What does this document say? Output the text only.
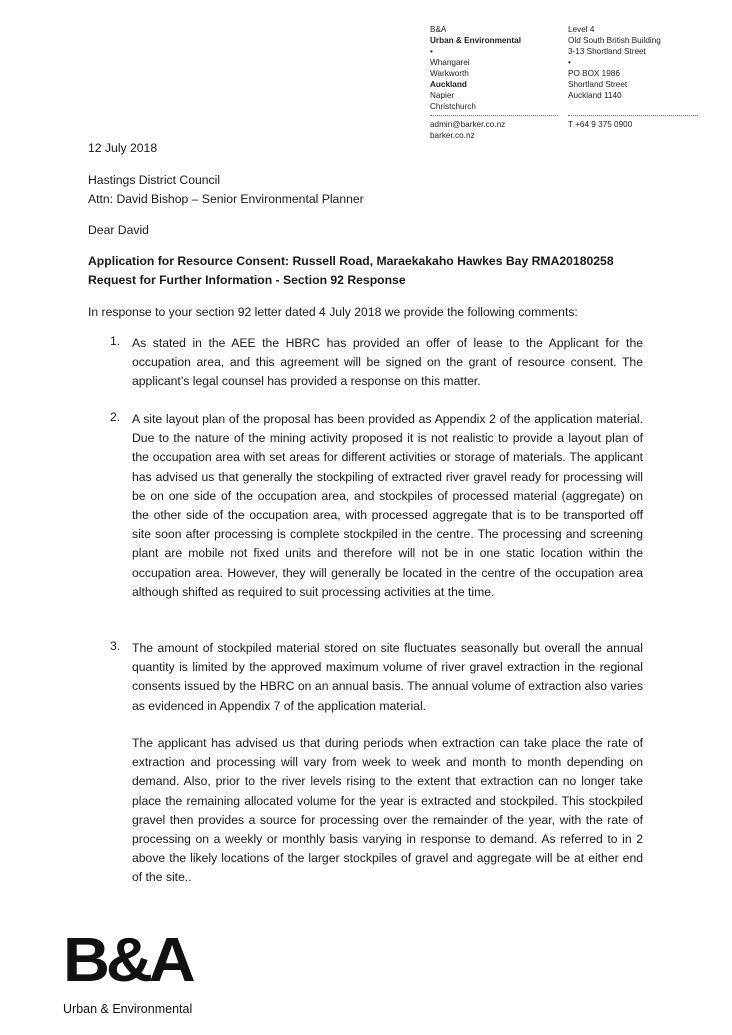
B&A
Urban & Environmental
•
Whangarei
Warkworth
Auckland
Napier
Christchurch
admin@barker.co.nz
barker.co.nz
Level 4
Old South British Building
3-13 Shortland Street
•
PO BOX 1986
Shortland Street
Auckland 1140
T +64 9 375 0900
12 July 2018
Hastings District Council
Attn: David Bishop – Senior Environmental Planner
Dear David
Application for Resource Consent: Russell Road, Maraekakaho Hawkes Bay RMA20180258
Request for Further Information - Section 92 Response
In response to your section 92 letter dated 4 July 2018 we provide the following comments:
1. As stated in the AEE the HBRC has provided an offer of lease to the Applicant for the occupation area, and this agreement will be signed on the grant of resource consent. The applicant’s legal counsel has provided a response on this matter.
2. A site layout plan of the proposal has been provided as Appendix 2 of the application material. Due to the nature of the mining activity proposed it is not realistic to provide a layout plan of the occupation area with set areas for different activities or storage of materials. The applicant has advised us that generally the stockpiling of extracted river gravel ready for processing will be on one side of the occupation area, and stockpiles of processed material (aggregate) on the other side of the occupation area, with processed aggregate that is to be transported off site soon after processing is complete stockpiled in the centre. The processing and screening plant are mobile not fixed units and therefore will not be in one static location within the occupation area. However, they will generally be located in the centre of the occupation area although shifted as required to suit processing activities at the time.
3. The amount of stockpiled material stored on site fluctuates seasonally but overall the annual quantity is limited by the approved maximum volume of river gravel extraction in the regional consents issued by the HBRC on an annual basis. The annual volume of extraction also varies as evidenced in Appendix 7 of the application material.
The applicant has advised us that during periods when extraction can take place the rate of extraction and processing will vary from week to week and month to month depending on demand. Also, prior to the river levels rising to the extent that extraction can no longer take place the remaining allocated volume for the year is extracted and stockpiled. This stockpiled gravel then provides a source for processing over the remainder of the year, with the rate of processing on a weekly or monthly basis varying in response to demand. As referred to in 2 above the likely locations of the larger stockpiles of gravel and aggregate will be at either end of the site..
B&A
Urban & Environmental
